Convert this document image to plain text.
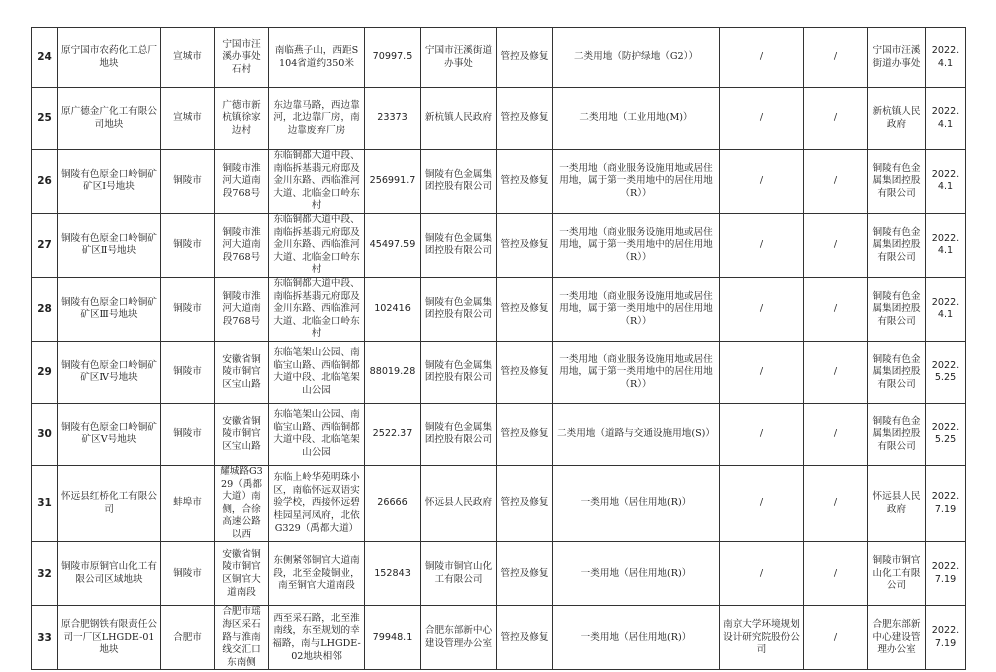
24	原宁国市农药化工总厂地块	宣城市	宁国市汪溪办事处石村	南临燕子山，西距S104省道约350米	70997.5	宁国市汪溪街道办事处	管控及修复	二类用地（防护绿地（G2））	/	/	宁国市汪溪街道办事处	2022.4.1
25	原广德金广化工有限公司地块	宣城市	广德市新杭镇徐家边村	东边靠马路，西边靠河，北边靠厂房，南边靠废弃厂房	23373	新杭镇人民政府	管控及修复	二类用地（工业用地(M)）	/	/	新杭镇人民政府	2022.4.1
26	铜陵有色原金口岭铜矿矿区Ⅰ号地块	铜陵市	铜陵市淮河大道南段768号	东临铜都大道中段、南临拆基翡元府邸及金川东路、西临淮河大道、北临金口岭东村	256991.7	铜陵有色金属集团控股有限公司	管控及修复	一类用地（商业服务设施用地或居住用地，属于第一类用地中的居住用地（R））	/	/	铜陵有色金属集团控股有限公司	2022.4.1
27	铜陵有色原金口岭铜矿矿区Ⅱ号地块	铜陵市	铜陵市淮河大道南段768号	东临铜都大道中段、南临拆基翡元府邸及金川东路、西临淮河大道、北临金口岭东村	45497.59	铜陵有色金属集团控股有限公司	管控及修复	一类用地（商业服务设施用地或居住用地，属于第一类用地中的居住用地（R））	/	/	铜陵有色金属集团控股有限公司	2022.4.1
28	铜陵有色原金口岭铜矿矿区Ⅲ号地块	铜陵市	铜陵市淮河大道南段768号	东临铜都大道中段、南临拆基翡元府邸及金川东路、西临淮河大道、北临金口岭东村	102416	铜陵有色金属集团控股有限公司	管控及修复	一类用地（商业服务设施用地或居住用地，属于第一类用地中的居住用地（R））	/	/	铜陵有色金属集团控股有限公司	2022.4.1
29	铜陵有色原金口岭铜矿矿区Ⅳ号地块	铜陵市	安徽省铜陵市铜官区宝山路	东临笔架山公园、南临宝山路、西临铜都大道中段、北临笔架山公园	88019.28	铜陵有色金属集团控股有限公司	管控及修复	一类用地（商业服务设施用地或居住用地，属于第一类用地中的居住用地（R））	/	/	铜陵有色金属集团控股有限公司	2022.5.25
30	铜陵有色原金口岭铜矿矿区Ⅴ号地块	铜陵市	安徽省铜陵市铜官区宝山路	东临笔架山公园、南临宝山路、西临铜都大道中段、北临笔架山公园	2522.37	铜陵有色金属集团控股有限公司	管控及修复	二类用地（道路与交通设施用地(S)）	/	/	铜陵有色金属集团控股有限公司	2022.5.25
31	怀远县红桥化工有限公司	蚌埠市	耀城路G329（禹都大道）南侧，合徐高速公路以西	东临上岭华苑明珠小区，南临怀远双语实验学校，西接怀远碧桂园星河凤府，北依G329（禹都大道）	26666	怀远县人民政府	管控及修复	一类用地（居住用地(R)）	/	/	怀远县人民政府	2022.7.19
32	铜陵市原铜官山化工有限公司区域地块	铜陵市	安徽省铜陵市铜官区铜官大道南段	东侧紧邻铜官大道南段，北至金陵铜业，南至铜官大道南段	152843	铜陵市铜官山化工有限公司	管控及修复	一类用地（居住用地(R)）	/	/	铜陵市铜官山化工有限公司	2022.7.19
33	原合肥钢铁有限责任公司一厂区LHGDE-01地块	合肥市	合肥市瑶海区采石路与淮南线交汇口东南侧	西至采石路，北至淮南线，东至规划的幸福路，南与LHGDE-02地块相邻	79948.1	合肥东部新中心建设管理办公室	管控及修复	一类用地（居住用地(R)）	南京大学环境规划设计研究院股份公司	/	合肥东部新中心建设管理办公室	2022.7.19
